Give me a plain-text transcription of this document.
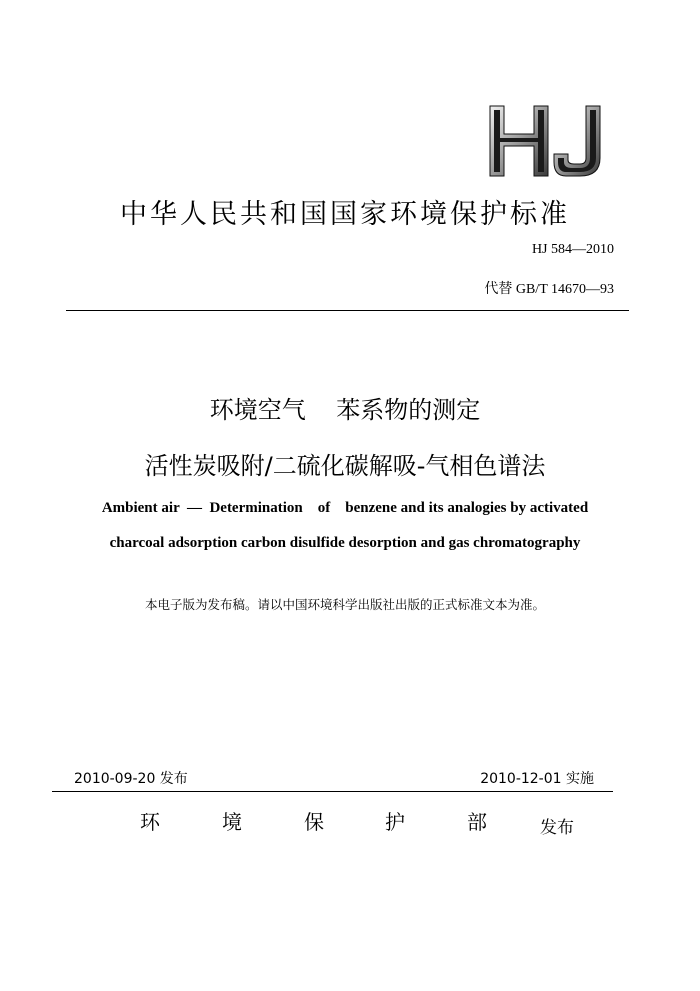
中华人民共和国国家环境保护标准
HJ 584—2010
代替 GB/T 14670—93
环境空气    苯系物的测定
活性炭吸附/二硫化碳解吸-气相色谱法
Ambient air  —  Determination    of    benzene and its analogies by activated
charcoal adsorption carbon disulfide desorption and gas chromatography
本电子版为发布稿。请以中国环境科学出版社出版的正式标准文本为准。
2010-09-20 发布	2010-12-01 实施
环	境	保	护	部	发布
